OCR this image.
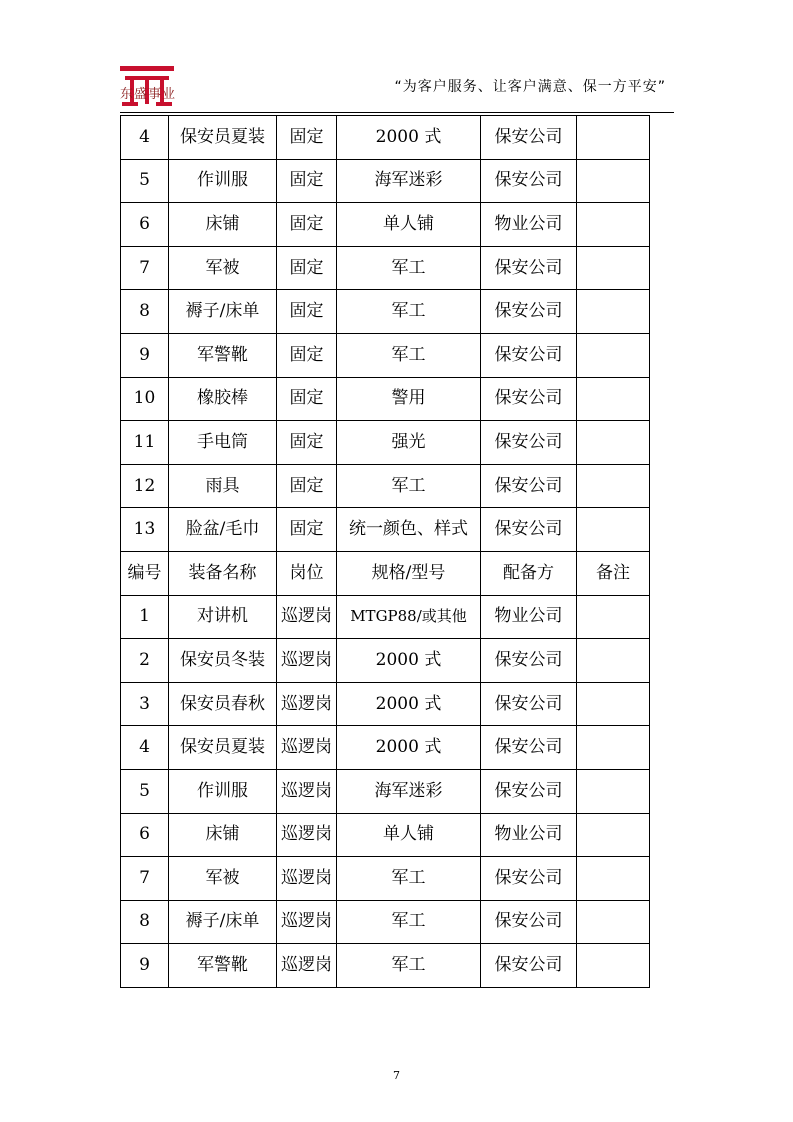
东盛事业	“为客户服务、让客户满意、保一方平安”
4	保安员夏装	固定	2000 式	保安公司	
5	作训服	固定	海军迷彩	保安公司	
6	床铺	固定	单人铺	物业公司	
7	军被	固定	军工	保安公司	
8	褥子/床单	固定	军工	保安公司	
9	军警靴	固定	军工	保安公司	
10	橡胶棒	固定	警用	保安公司	
11	手电筒	固定	强光	保安公司	
12	雨具	固定	军工	保安公司	
13	脸盆/毛巾	固定	统一颜色、样式	保安公司	
编号	装备名称	岗位	规格/型号	配备方	备注
1	对讲机	巡逻岗	MTGP88/或其他	物业公司	
2	保安员冬装	巡逻岗	2000 式	保安公司	
3	保安员春秋	巡逻岗	2000 式	保安公司	
4	保安员夏装	巡逻岗	2000 式	保安公司	
5	作训服	巡逻岗	海军迷彩	保安公司	
6	床铺	巡逻岗	单人铺	物业公司	
7	军被	巡逻岗	军工	保安公司	
8	褥子/床单	巡逻岗	军工	保安公司	
9	军警靴	巡逻岗	军工	保安公司	
7
